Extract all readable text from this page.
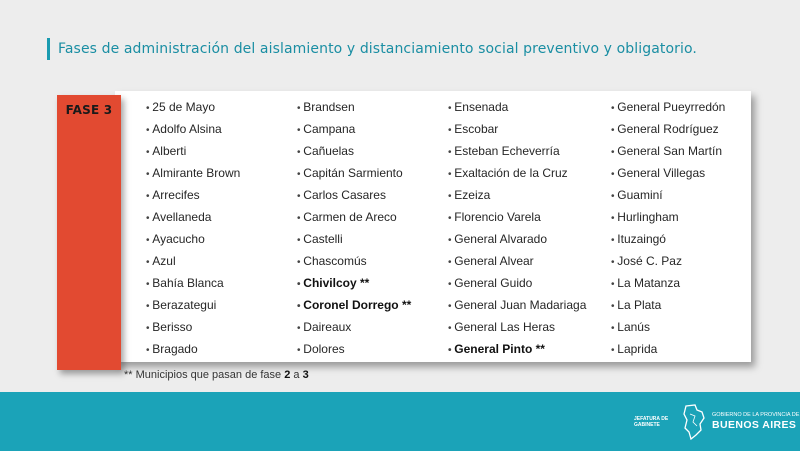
Fases de administración del aislamiento y distanciamiento social preventivo y obligatorio.
FASE 3
•	25 de Mayo
• Adolfo Alsina
• Alberti
• Almirante Brown
• Arrecifes
• Avellaneda
• Ayacucho
• Azul
• Bahía Blanca
• Berazategui
• Berisso
• Bragado
• Brandsen
• Campana
• Cañuelas
• Capitán Sarmiento
• Carlos Casares
• Carmen de Areco
• Castelli
• Chascomús
• Chivilcoy **
• Coronel Dorrego **
• Daireaux
• Dolores
• Ensenada
• Escobar
• Esteban Echeverría
• Exaltación de la Cruz
• Ezeiza
• Florencio Varela
• General Alvarado
• General Alvear
• General Guido
• General Juan Madariaga
• General Las Heras
• General Pinto **
• General Pueyrredón
• General Rodríguez
• General San Martín
• General Villegas
• Guaminí
• Hurlingham
• Ituzaingó
• José C. Paz
• La Matanza
• La Plata
• Lanús
• Laprida
** Municipios que pasan de fase 2 a 3
JEFATURA DE GABINETE
GOBIERNO DE LA PROVINCIA DE
BUENOS AIRES
